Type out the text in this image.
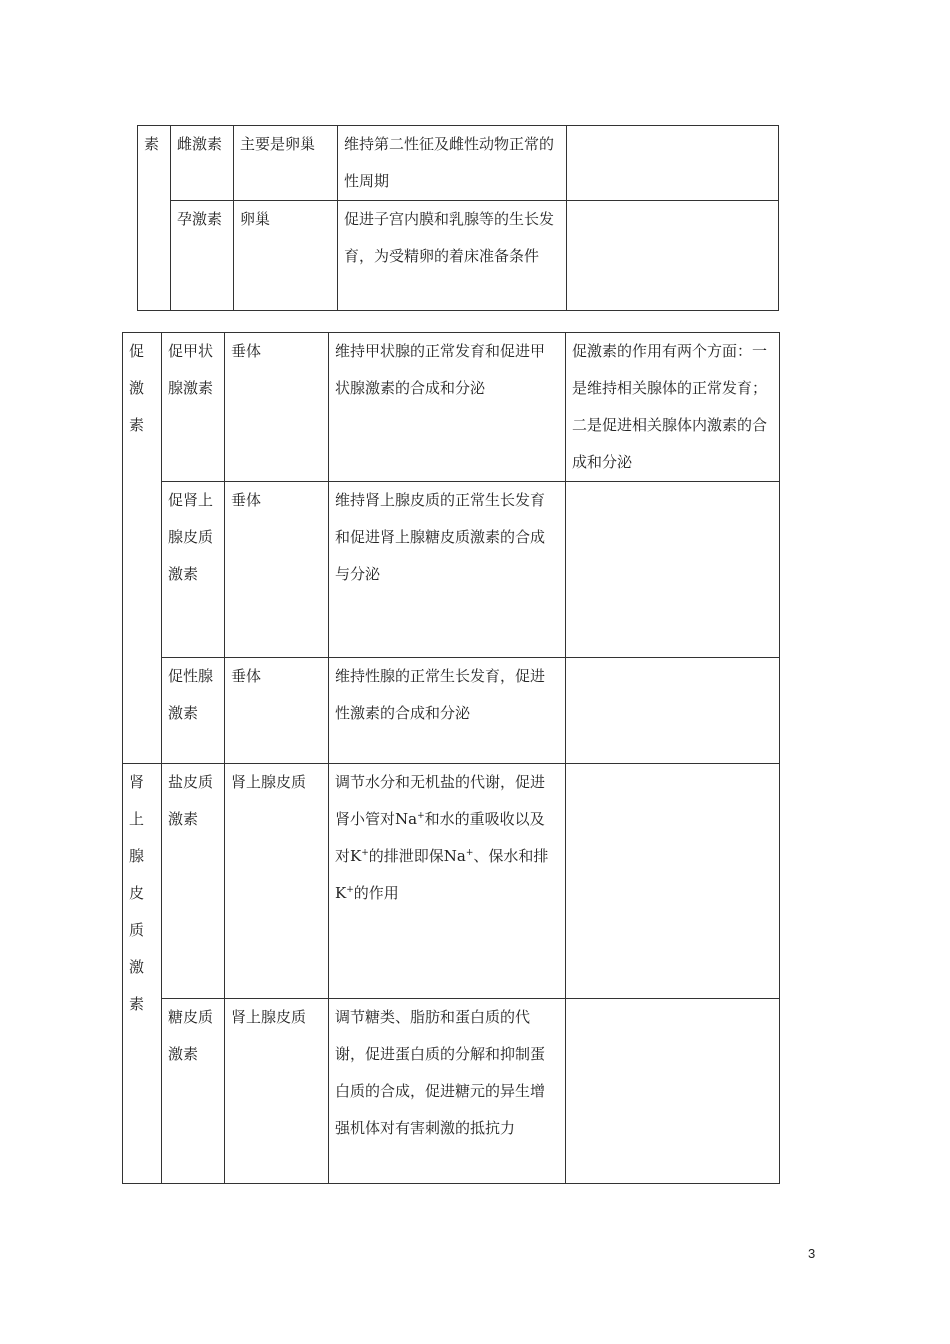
素	雌激素	主要是卵巢	维持第二性征及雌性动物正常的性周期	
	孕激素	卵巢	促进子宫内膜和乳腺等的生长发育，为受精卵的着床准备条件	
促激素	促甲状腺激素	垂体	维持甲状腺的正常发育和促进甲状腺激素的合成和分泌	促激素的作用有两个方面：一是维持相关腺体的正常发育；二是促进相关腺体内激素的合成和分泌
	促肾上腺皮质激素	垂体	维持肾上腺皮质的正常生长发育和促进肾上腺糖皮质激素的合成与分泌	
	促性腺激素	垂体	维持性腺的正常生长发育，促进性激素的合成和分泌	
肾上腺皮质激素	盐皮质激素	肾上腺皮质	调节水分和无机盐的代谢，促进肾小管对Na+和水的重吸收以及对K+的排泄即保Na+、保水和排K+的作用	
	糖皮质激素	肾上腺皮质	调节糖类、脂肪和蛋白质的代谢，促进蛋白质的分解和抑制蛋白质的合成，促进糖元的异生增强机体对有害刺激的抵抗力	
3
